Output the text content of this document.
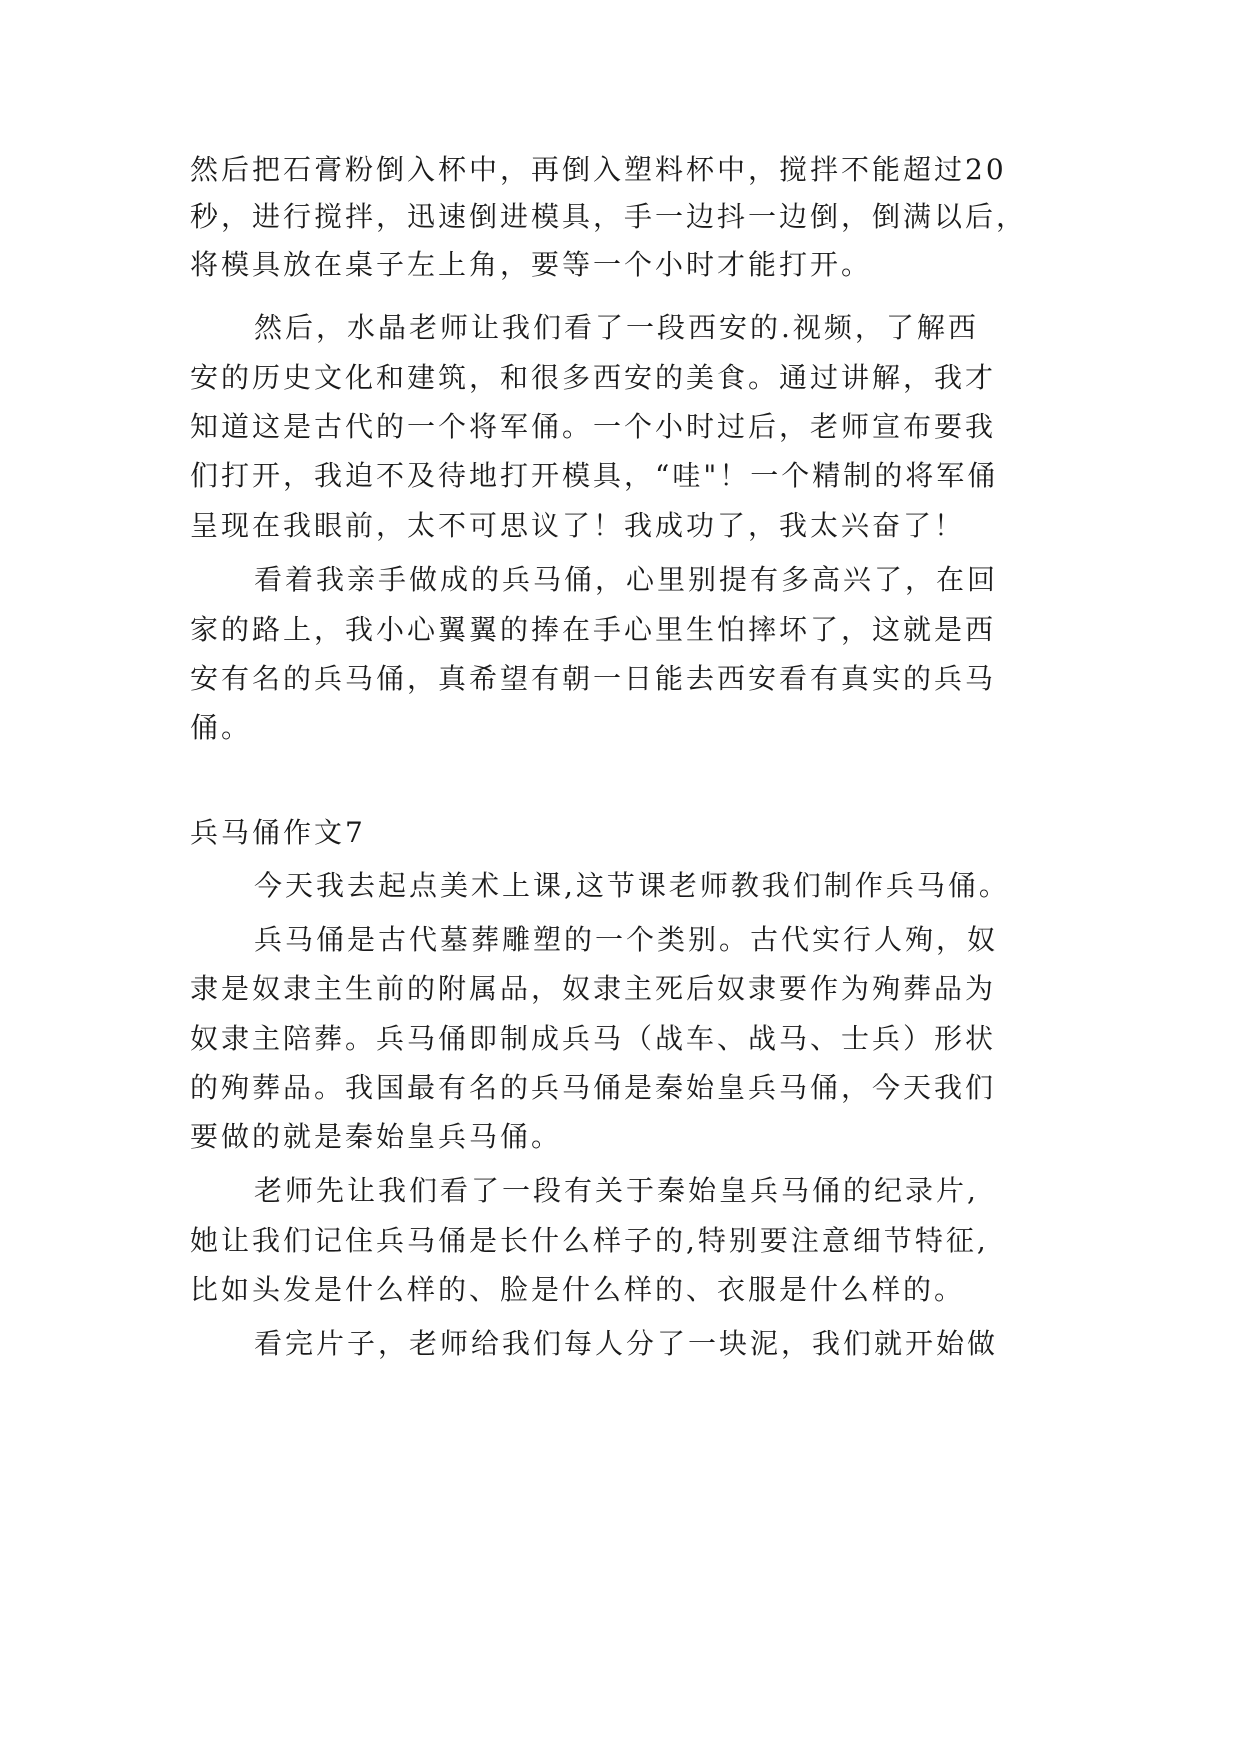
然后把石膏粉倒入杯中，再倒入塑料杯中，搅拌不能超过20
秒，进行搅拌，迅速倒进模具，手一边抖一边倒，倒满以后，
将模具放在桌子左上角，要等一个小时才能打开。
然后，水晶老师让我们看了一段西安的.视频，了解西
安的历史文化和建筑，和很多西安的美食。通过讲解，我才
知道这是古代的一个将军俑。一个小时过后，老师宣布要我
们打开，我迫不及待地打开模具，“哇"！一个精制的将军俑
呈现在我眼前，太不可思议了！我成功了，我太兴奋了！
看着我亲手做成的兵马俑，心里别提有多高兴了，在回
家的路上，我小心翼翼的捧在手心里生怕摔坏了，这就是西
安有名的兵马俑，真希望有朝一日能去西安看有真实的兵马
俑。
兵马俑作文7
今天我去起点美术上课,这节课老师教我们制作兵马俑。
兵马俑是古代墓葬雕塑的一个类别。古代实行人殉，奴
隶是奴隶主生前的附属品，奴隶主死后奴隶要作为殉葬品为
奴隶主陪葬。兵马俑即制成兵马（战车、战马、士兵）形状
的殉葬品。我国最有名的兵马俑是秦始皇兵马俑，今天我们
要做的就是秦始皇兵马俑。
老师先让我们看了一段有关于秦始皇兵马俑的纪录片,
她让我们记住兵马俑是长什么样子的,特别要注意细节特征,
比如头发是什么样的、脸是什么样的、衣服是什么样的。
看完片子，老师给我们每人分了一块泥，我们就开始做
